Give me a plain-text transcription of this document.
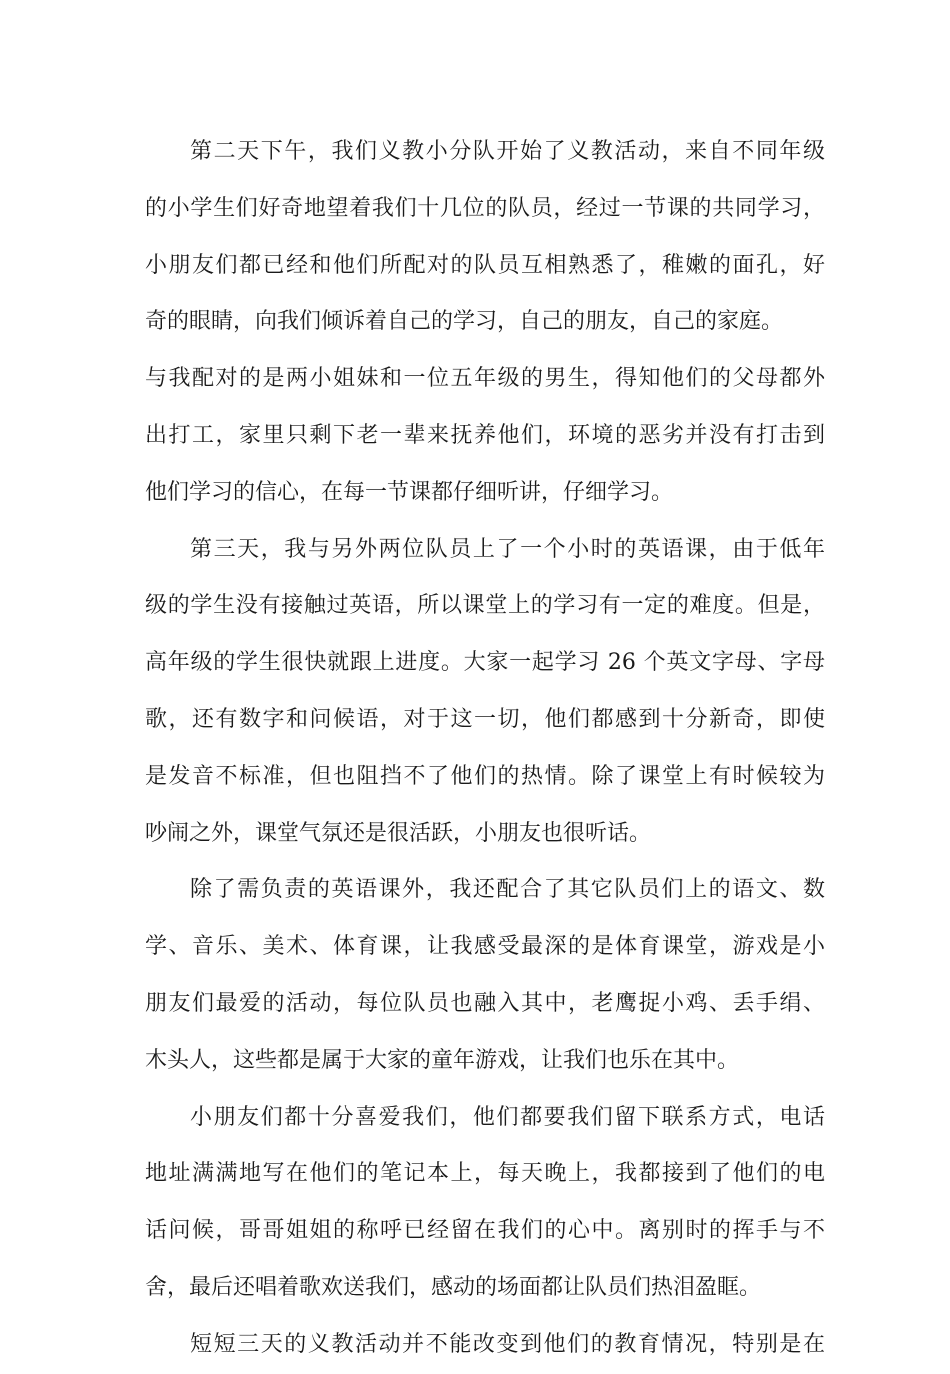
第二天下午，我们义教小分队开始了义教活动，来自不同年级
的小学生们好奇地望着我们十几位的队员，经过一节课的共同学习，
小朋友们都已经和他们所配对的队员互相熟悉了，稚嫩的面孔，好
奇的眼睛，向我们倾诉着自己的学习，自己的朋友，自己的家庭。
与我配对的是两小姐妹和一位五年级的男生，得知他们的父母都外
出打工，家里只剩下老一辈来抚养他们，环境的恶劣并没有打击到
他们学习的信心，在每一节课都仔细听讲，仔细学习。
第三天，我与另外两位队员上了一个小时的英语课，由于低年
级的学生没有接触过英语，所以课堂上的学习有一定的难度。但是，
高年级的学生很快就跟上进度。大家一起学习 26 个英文字母、字母
歌，还有数字和问候语，对于这一切，他们都感到十分新奇，即使
是发音不标准，但也阻挡不了他们的热情。除了课堂上有时候较为
吵闹之外，课堂气氛还是很活跃，小朋友也很听话。
除了需负责的英语课外，我还配合了其它队员们上的语文、数
学、音乐、美术、体育课，让我感受最深的是体育课堂，游戏是小
朋友们最爱的活动，每位队员也融入其中，老鹰捉小鸡、丢手绢、
木头人，这些都是属于大家的童年游戏，让我们也乐在其中。
小朋友们都十分喜爱我们，他们都要我们留下联系方式，电话
地址满满地写在他们的笔记本上，每天晚上，我都接到了他们的电
话问候，哥哥姐姐的称呼已经留在我们的心中。离别时的挥手与不
舍，最后还唱着歌欢送我们，感动的场面都让队员们热泪盈眶。
短短三天的义教活动并不能改变到他们的教育情况，特别是在
